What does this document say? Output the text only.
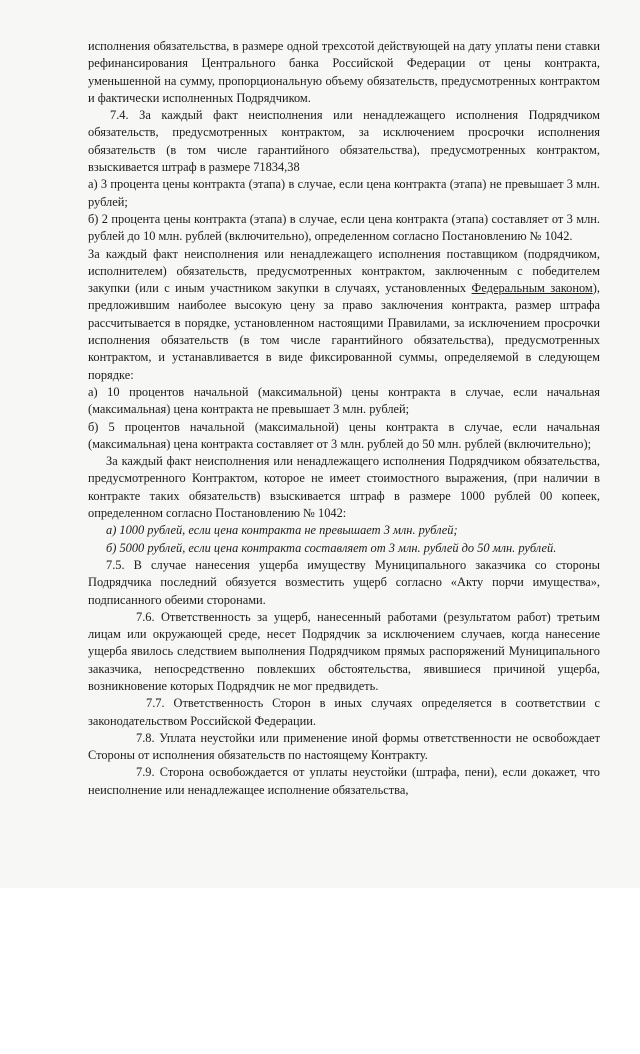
исполнения обязательства, в размере одной трехсотой действующей на дату уплаты пени ставки рефинансирования Центрального банка Российской Федерации от цены контракта, уменьшенной на сумму, пропорциональную объему обязательств, предусмотренных контрактом и фактически исполненных Подрядчиком.

7.4. За каждый факт неисполнения или ненадлежащего исполнения Подрядчиком обязательств, предусмотренных контрактом, за исключением просрочки исполнения обязательств (в том числе гарантийного обязательства), предусмотренных контрактом, взыскивается штраф в размере 71834,38

а) 3 процента цены контракта (этапа) в случае, если цена контракта (этапа) не превышает 3 млн. рублей;

б) 2 процента цены контракта (этапа) в случае, если цена контракта (этапа) составляет от 3 млн. рублей до 10 млн. рублей (включительно), определенном согласно Постановлению № 1042.

За каждый факт неисполнения или ненадлежащего исполнения поставщиком (подрядчиком, исполнителем) обязательств, предусмотренных контрактом, заключенным с победителем закупки (или с иным участником закупки в случаях, установленных Федеральным законом), предложившим наиболее высокую цену за право заключения контракта, размер штрафа рассчитывается в порядке, установленном настоящими Правилами, за исключением просрочки исполнения обязательств (в том числе гарантийного обязательства), предусмотренных контрактом, и устанавливается в виде фиксированной суммы, определяемой в следующем порядке:

а) 10 процентов начальной (максимальной) цены контракта в случае, если начальная (максимальная) цена контракта не превышает 3 млн. рублей;

б) 5 процентов начальной (максимальной) цены контракта в случае, если начальная (максимальная) цена контракта составляет от 3 млн. рублей до 50 млн. рублей (включительно);

За каждый факт неисполнения или ненадлежащего исполнения Подрядчиком обязательства, предусмотренного Контрактом, которое не имеет стоимостного выражения, (при наличии в контракте таких обязательств) взыскивается штраф в размере 1000 рублей 00 копеек, определенном согласно Постановлению № 1042:

а) 1000 рублей, если цена контракта не превышает 3 млн. рублей;

б) 5000 рублей, если цена контракта составляет от 3 млн. рублей до 50 млн. рублей.

7.5. В случае нанесения ущерба имуществу Муниципального заказчика со стороны Подрядчика последний обязуется возместить ущерб согласно «Акту порчи имущества», подписанного обеими сторонами.

7.6. Ответственность за ущерб, нанесенный работами (результатом работ) третьим лицам или окружающей среде, несет Подрядчик за исключением случаев, когда нанесение ущерба явилось следствием выполнения Подрядчиком прямых распоряжений Муниципального заказчика, непосредственно повлекших обстоятельства, явившиеся причиной ущерба, возникновение которых Подрядчик не мог предвидеть.

7.7. Ответственность Сторон в иных случаях определяется в соответствии с законодательством Российской Федерации.

7.8. Уплата неустойки или применение иной формы ответственности не освобождает Стороны от исполнения обязательств по настоящему Контракту.

7.9. Сторона освобождается от уплаты неустойки (штрафа, пени), если докажет, что неисполнение или ненадлежащее исполнение обязательства,
